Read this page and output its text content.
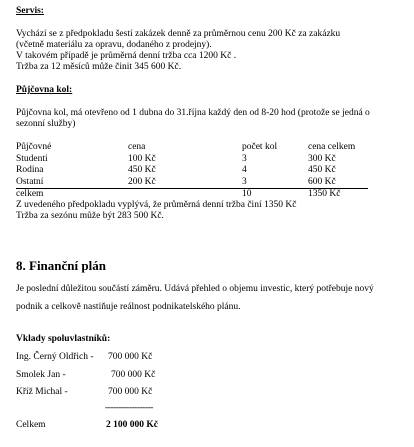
Servis:
Vychází se z předpokladu šestí zakázek denně za průměrnou cenu 200 Kč za zakázku
(včetně materiálu za opravu, dodaného z prodejny).
V takovém případě je průměrná denní tržba cca 1200 Kč .
Tržba za 12 měsíců může činit 345 600 Kč.
Půjčovna kol:
Půjčovna kol, má otevřeno od 1 dubna do 31.října každý den od 8-20 hod (protože se jedná o
sezonní služby)
Půjčovné	cena	počet kol	cena celkem
Studenti	100 Kč	3	300 Kč
Rodina	450 Kč	4	450 Kč
Ostatní	200 Kč	3	600 Kč
celkem		10	1350 Kč
Z uvedeného předpokladu vyplývá, že průměrná denní tržba činí 1350 Kč
Tržba za sezónu může být 283 500 Kč.
8. Finanční plán
Je poslední důležitou součástí záměru. Udává přehled o objemu investic, který potřebuje nový
podnik a celkově nastiňuje reálnost podnikatelského plánu.
Vklady spoluvlastníků:
Ing. Černý Oldřich - 700 000 Kč
Smolek Jan -	700 000 Kč
Kříž Michal -	700 000 Kč
------------------
Celkem	2 100 000 Kč
